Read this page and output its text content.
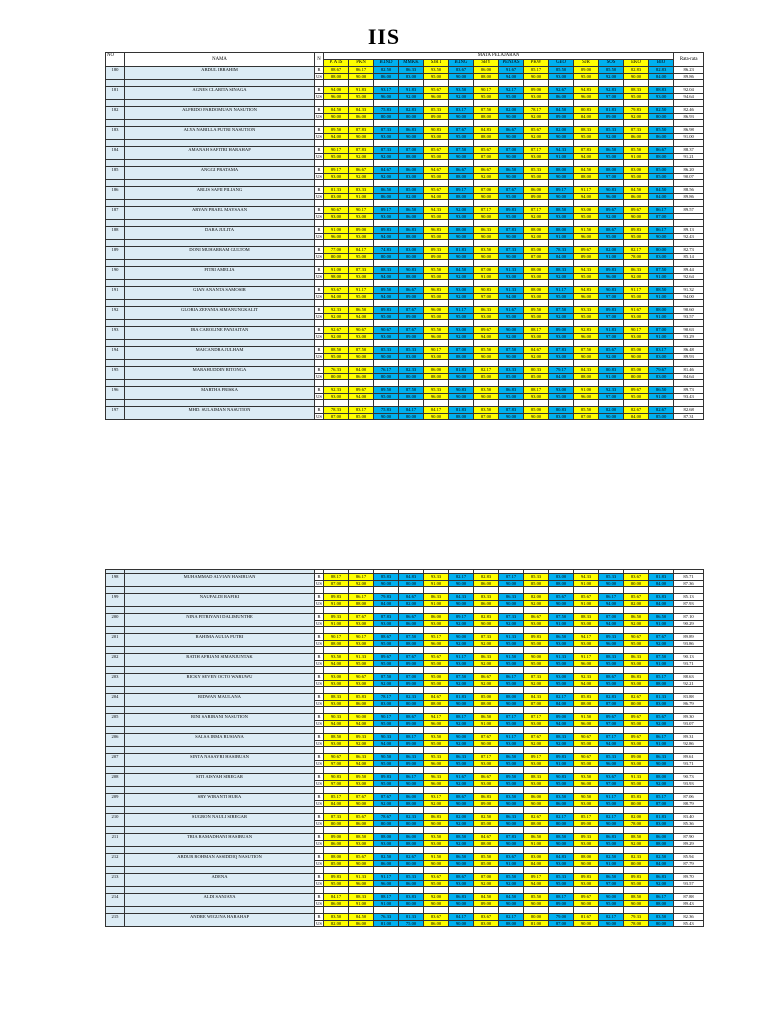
IIS
NO	NAMA	N	MATA PELAJARAN														Rata-rata
			P. A IS	PKN	B.IND	MMKK	SJR I	B.ING	SBY	PENJAS	PKW	GEO	SJR	SOS	EKO	BIO	
180	ABDUL IBRAHIM	R	88.67	86.17	82.50	86.33	93.50	83.67	86.00	91.67	85.17	85.50	89.00	85.50	82.83	82.83	86.23
		US	88.00	90.00	86.00	83.00	95.00	90.00	88.00	94.00	90.00	93.00	95.00	92.00	90.00	84.00	89.86

181	AGNES CLARITA SINAGA	R	94.00	91.83	93.17	91.83	95.67	93.50	90.17	92.17	89.00	92.67	94.83	92.83	88.33	88.83	92.04
		US	96.00	95.00	96.00	92.00	96.00	92.00	95.00	95.00	93.00	86.00	96.00	97.00	95.00	93.00	94.64

182	ALFRIDO PARDOMUAN NASUTION	R	84.50	84.33	75.83	82.83	85.33	83.17	87.50	82.00	78.17	84.50	80.83	81.83	79.83	82.50	82.46
		US	90.00	86.00	80.00	80.00	89.00	90.00	88.00	90.00	92.00	89.00	84.00	89.00	92.00	80.00	86.93

183	ALYA NABILLA PUTRI NASUTION	R	89.50	87.83	87.33	86.83	90.83	87.67	84.83	86.67	85.67	82.00	88.33	85.33	87.33	85.50	86.98
		US	94.00	90.00	93.00	90.00	93.00	95.00	88.00	90.00	92.00	90.00	95.00	92.00	86.00	86.00	91.00

184	AMANAH SAFITRI HARAHAP	R	90.17	87.83	87.33	87.00	85.67	87.50	85.67	87.00	87.17	94.33	87.83	86.50	85.50	86.67	88.37
		US	95.00	92.00	92.00	88.00	95.00	90.00	87.00	90.00	93.00	91.00	94.00	95.00	91.00	88.00	91.21

185	ANGGI PRATAMA	R	89.17	86.67	84.67	86.00	94.67	86.67	86.67	86.50	85.33	88.00	84.50	88.00	83.00	85.00	86.20
		US	93.00	92.00	92.00	83.00	95.00	88.00	92.00	90.00	95.00	90.00	88.00	97.00	95.00	85.00	90.07

186	ARLIS SAFII PILIANG	R	81.33	83.33	86.50	85.00	95.67	89.17	87.00	87.67	86.00	89.17	91.17	90.83	84.50	84.50	88.56
		US	83.00	91.00	86.00	82.00	94.00	88.00	90.00	95.00	89.00	90.00	94.00	96.00	86.00	84.00	89.86

187	ARYAN PRAEL MAYSAAN	R	90.67	90.17	89.17	86.50	94.33	92.00	87.17	89.83	87.17	88.50	93.00	89.67	89.67	86.17	89.57
		US	93.00	93.00	93.00	86.00	95.00	93.00	90.00	95.00	92.00	93.00	95.00	92.00	90.00	87.00	

188	DARA JULITA	R	91.00	89.00	89.83	86.83	96.83	88.00	86.33	87.83	88.00	88.00	91.50	88.67	89.83	86.17	89.13
		US	96.00	93.00	94.00	88.00	95.00	90.00	90.00	90.00	92.00	91.00	96.00	95.00	95.00	90.00	92.43

189	DONI MUHARRAM GULTOM	R	77.00	84.17	74.83	83.00	89.33	81.83	83.50	87.33	85.00	78.33	89.67	82.00	82.17	80.00	82.73
		US	80.00	95.00	80.00	80.00	89.00	90.00	90.00	90.00	87.00	84.00	89.00	91.00	78.00	83.00	85.14

190	FITRI AMELIA	R	91.00	87.33	88.33	90.83	95.50	84.50	87.00	91.33	88.00	88.33	94.33	89.83	86.33	87.50	89.44
		US	98.00	93.00	94.00	88.00	95.00	92.00	91.00	93.00	93.00	92.00	95.00	96.00	92.00	91.00	92.64

191	GIAN ANANTA SAMOSIR	R	93.67	91.17	89.50	86.67	96.83	93.00	90.83	91.33	88.00	91.17	94.83	90.83	91.17	88.50	91.32
		US	94.00	95.00	94.00	89.00	95.00	92.00	97.00	94.00	93.00	95.00	96.00	97.00	95.00	91.00	94.00

192	GLORIA ZEFANIA SIMANUNGKALIT	R	92.33	86.50	89.83	87.67	96.00	91.17	86.33	91.67	89.50	87.50	93.33	89.83	91.67	88.00	90.60
		US	92.00	94.00	95.00	89.00	95.00	95.00	93.00	95.00	95.00	92.00	95.00	97.00	93.00	91.00	93.57

193	IRA CAROLINE PANJAITAN	R	92.67	90.67	90.67	87.67	95.50	93.00	89.67	90.00	88.17	89.00	92.83	91.83	90.17	87.00	90.63
		US	92.00	93.00	93.00	89.00	96.00	92.00	94.00	92.00	93.00	93.00	96.00	97.00	93.00	91.00	93.29

194	MAICANDRA JULHAM	R	88.50	87.50	85.33	85.33	90.17	87.00	85.50	87.50	84.67	87.83	87.50	85.67	85.00	83.17	86.48
		US	95.00	90.00	90.00	83.00	93.00	88.00	90.00	90.00	92.00	93.00	90.00	92.00	90.00	83.00	89.93

195	MARAHUDDIN RITONGA	R	76.33	84.00	76.17	82.33	86.00	81.83	82.17	83.33	80.33	79.17	84.33	80.83	85.00	79.67	81.46
		US	80.00	86.00	80.00	80.00	88.00	90.00	85.00	85.00	85.00	84.00	88.00	91.00	80.00	83.00	84.64

196	MARTHA FRISKA	R	92.33	89.67	89.50	87.50	95.33	90.83	83.50	86.83	88.17	93.00	91.00	92.33	89.67	86.50	89.73
		US	93.00	94.00	95.00	88.00	96.00	90.00	90.00	95.00	93.00	95.00	96.00	97.00	95.00	91.00	93.43

197	MHD. SULAIMAN NASUTION	R	78.33	83.17	75.83	84.17	84.17	81.83	83.50	87.83	85.00	80.83	85.50	82.00	82.67	82.67	82.68
		US	87.00	85.00	90.00	80.00	90.00	88.00	87.00	90.00	90.00	83.00	87.00	90.00	84.00	85.00	87.31

198	MUHAMMAD ALVIAN HASIBUAN	R	88.17	86.17	85.83	84.83	93.33	82.17	82.83	87.17	85.33	83.00	94.33	85.33	83.67	81.83	85.71
		US	87.00	92.00	90.00	80.00	91.00	90.00	86.00	90.00	85.00	88.00	91.00	90.00	80.00	84.00	87.36

199	NAUFALDI RAFIKI	R	89.83	86.17	79.83	84.67	86.33	84.33	83.33	86.33	82.00	85.67	85.67	86.17	85.67	83.83	85.13
		US	91.00	88.00	84.00	82.00	91.00	90.00	86.00	90.00	92.00	90.00	91.00	94.00	82.00	84.00	87.93

200	NINA FITRIYANI DALIMUNTHE	R	89.33	87.67	87.83	86.67	86.00	89.17	82.83	87.33	86.67	87.50	88.33	87.00	86.50	86.50	87.10
		US	91.00	93.00	93.00	86.00	93.00	92.00	90.00	92.00	93.00	91.00	93.00	94.00	92.00	91.00	90.29

201	RAHIMA AULIA PUTRI	R	90.17	90.17	88.67	87.50	95.17	90.00	87.33	91.33	89.83	86.50	94.17	89.33	90.67	87.67	89.89
		US	88.00	93.00	95.00	88.00	96.00	92.00	92.00	95.00	95.00	93.00	93.00	96.00	95.00	92.00	93.86

202	RATIH AFRIANI SIMANJUNTAK	R	93.50	91.33	89.67	87.67	95.67	91.17	86.33	91.50	90.00	91.33	91.17	88.33	86.33	87.50	90.13
		US	94.00	95.00	95.00	89.00	95.00	93.00	92.00	95.00	95.00	95.00	96.00	95.00	93.00	91.00	93.71

203	RICKY SEVEN OCTO WARUWU	R	93.00	90.67	87.50	87.00	95.00	87.50	86.67	86.17	87.33	93.00	92.33	88.67	86.83	85.17	88.63
		US	93.00	93.00	92.00	89.00	95.00	92.00	92.00	95.00	92.00	95.00	94.00	95.00	93.00	88.00	92.21

204	RIDWAN MAULANA	R	88.33	85.83	78.17	82.33	84.67	81.83	85.00	88.00	84.33	82.17	85.83	82.83	82.67	81.33	83.88
		US	93.00	86.00	83.00	80.00	88.00	90.00	88.00	90.00	87.00	84.00	88.00	87.00	80.00	83.00	86.79

205	RINI SARIBANI NASUTION	R	90.33	90.00	90.17	88.67	94.17	88.17	86.50	87.17	87.17	89.00	91.50	89.67	89.67	85.67	89.30
		US	94.00	94.00	95.00	89.00	96.00	92.00	91.00	95.00	93.00	94.00	96.00	97.00	95.00	92.00	93.07

206	SALSA IRMA RUSIANA	R	88.50	89.33	90.33	88.17	93.50	90.00	87.67	91.17	87.67	88.33	90.67	87.17	89.67	86.17	89.31
		US	93.00	92.00	94.00	89.00	95.00	92.00	90.00	93.00	92.00	92.00	95.00	94.00	93.00	91.00	92.86

207	SINTA NASAYRI HASIBUAN	R	90.67	86.33	90.50	86.33	95.33	86.33	87.17	86.50	89.17	89.83	90.67	85.33	89.00	86.33	89.61
		US	97.00	94.00	95.00	89.00	96.00	95.00	93.00	95.00	93.00	91.00	95.00	96.00	93.00	90.00	93.71

208	SITI AISYAH SIREGAR	R	90.83	89.50	89.83	86.17	96.33	91.67	86.67	89.50	88.33	90.83	93.50	93.67	91.33	88.00	90.73
		US	97.00	93.00	95.00	90.00	96.00	92.00	93.00	95.00	93.00	95.00	96.00	97.00	95.00	92.00	93.93

209	SRY WIRANTI HURA	R	85.17	87.67	87.67	86.00	93.17	88.67	86.83	83.50	86.00	83.50	90.50	91.17	85.83	85.17	87.06
		US	84.00	90.00	92.00	88.00	92.00	90.00	89.00	90.00	90.00	86.00	93.00	95.00	80.00	87.00	88.79

210	SUGRON NAULI SIREGAR	R	87.33	85.67	78.67	82.33	86.83	82.00	82.50	86.33	82.67	82.17	85.17	82.17	82.00	81.83	83.40
		US	80.00	86.00	80.00	80.00	90.00	92.00	85.00	90.00	88.00	80.00	89.00	90.00	78.00	83.00	85.36

211	TRIA RAMADHANI HASIBUAN	R	89.00	88.50	88.00	86.00	93.50	88.50	84.67	87.83	86.50	88.50	89.33	86.83	88.50	86.00	87.90
		US	86.00	93.00	93.00	88.00	93.00	92.00	88.00	90.00	91.00	90.00	93.00	95.00	92.00	88.00	89.29

212	ABDUR ROHMAN ASSIDDIQ NASUTION	R	88.00	85.67	82.50	82.67	91.50	86.50	85.50	83.67	83.00	84.83	88.00	82.50	82.33	82.50	85.94
		US	85.00	90.00	86.00	80.00	90.00	90.00	85.00	91.00	84.00	93.00	90.00	91.00	80.00	84.00	87.79

213	ADENA	R	89.83	91.33	91.17	85.33	93.67	88.67	87.00	85.50	89.17	85.33	89.83	86.50	89.83	86.83	89.70
		US	95.00	96.00	96.00	86.00	95.00	93.00	92.00	92.00	94.00	95.00	93.00	97.00	95.00	92.00	93.57

214	ALDI SANJAYA	R	84.17	88.33	88.17	83.83	92.00	86.83	84.50	84.50	85.50	88.17	89.67	90.00	88.50	86.17	87.88
		US	86.00	91.00	91.00	80.00	90.00	90.00	89.00	90.00	90.00	89.00	90.00	95.00	90.00	88.00	89.43

215	ANDRE WIGUNA HARAHAP	R	83.50	84.50	76.33	81.33	83.67	84.17	83.67	82.17	80.00	79.00	81.67	82.17	79.33	83.50	82.36
		US	82.00	86.00	81.00	75.00	86.00	90.00	83.00	88.00	81.00	87.00	90.00	90.00	78.00	80.00	85.43
